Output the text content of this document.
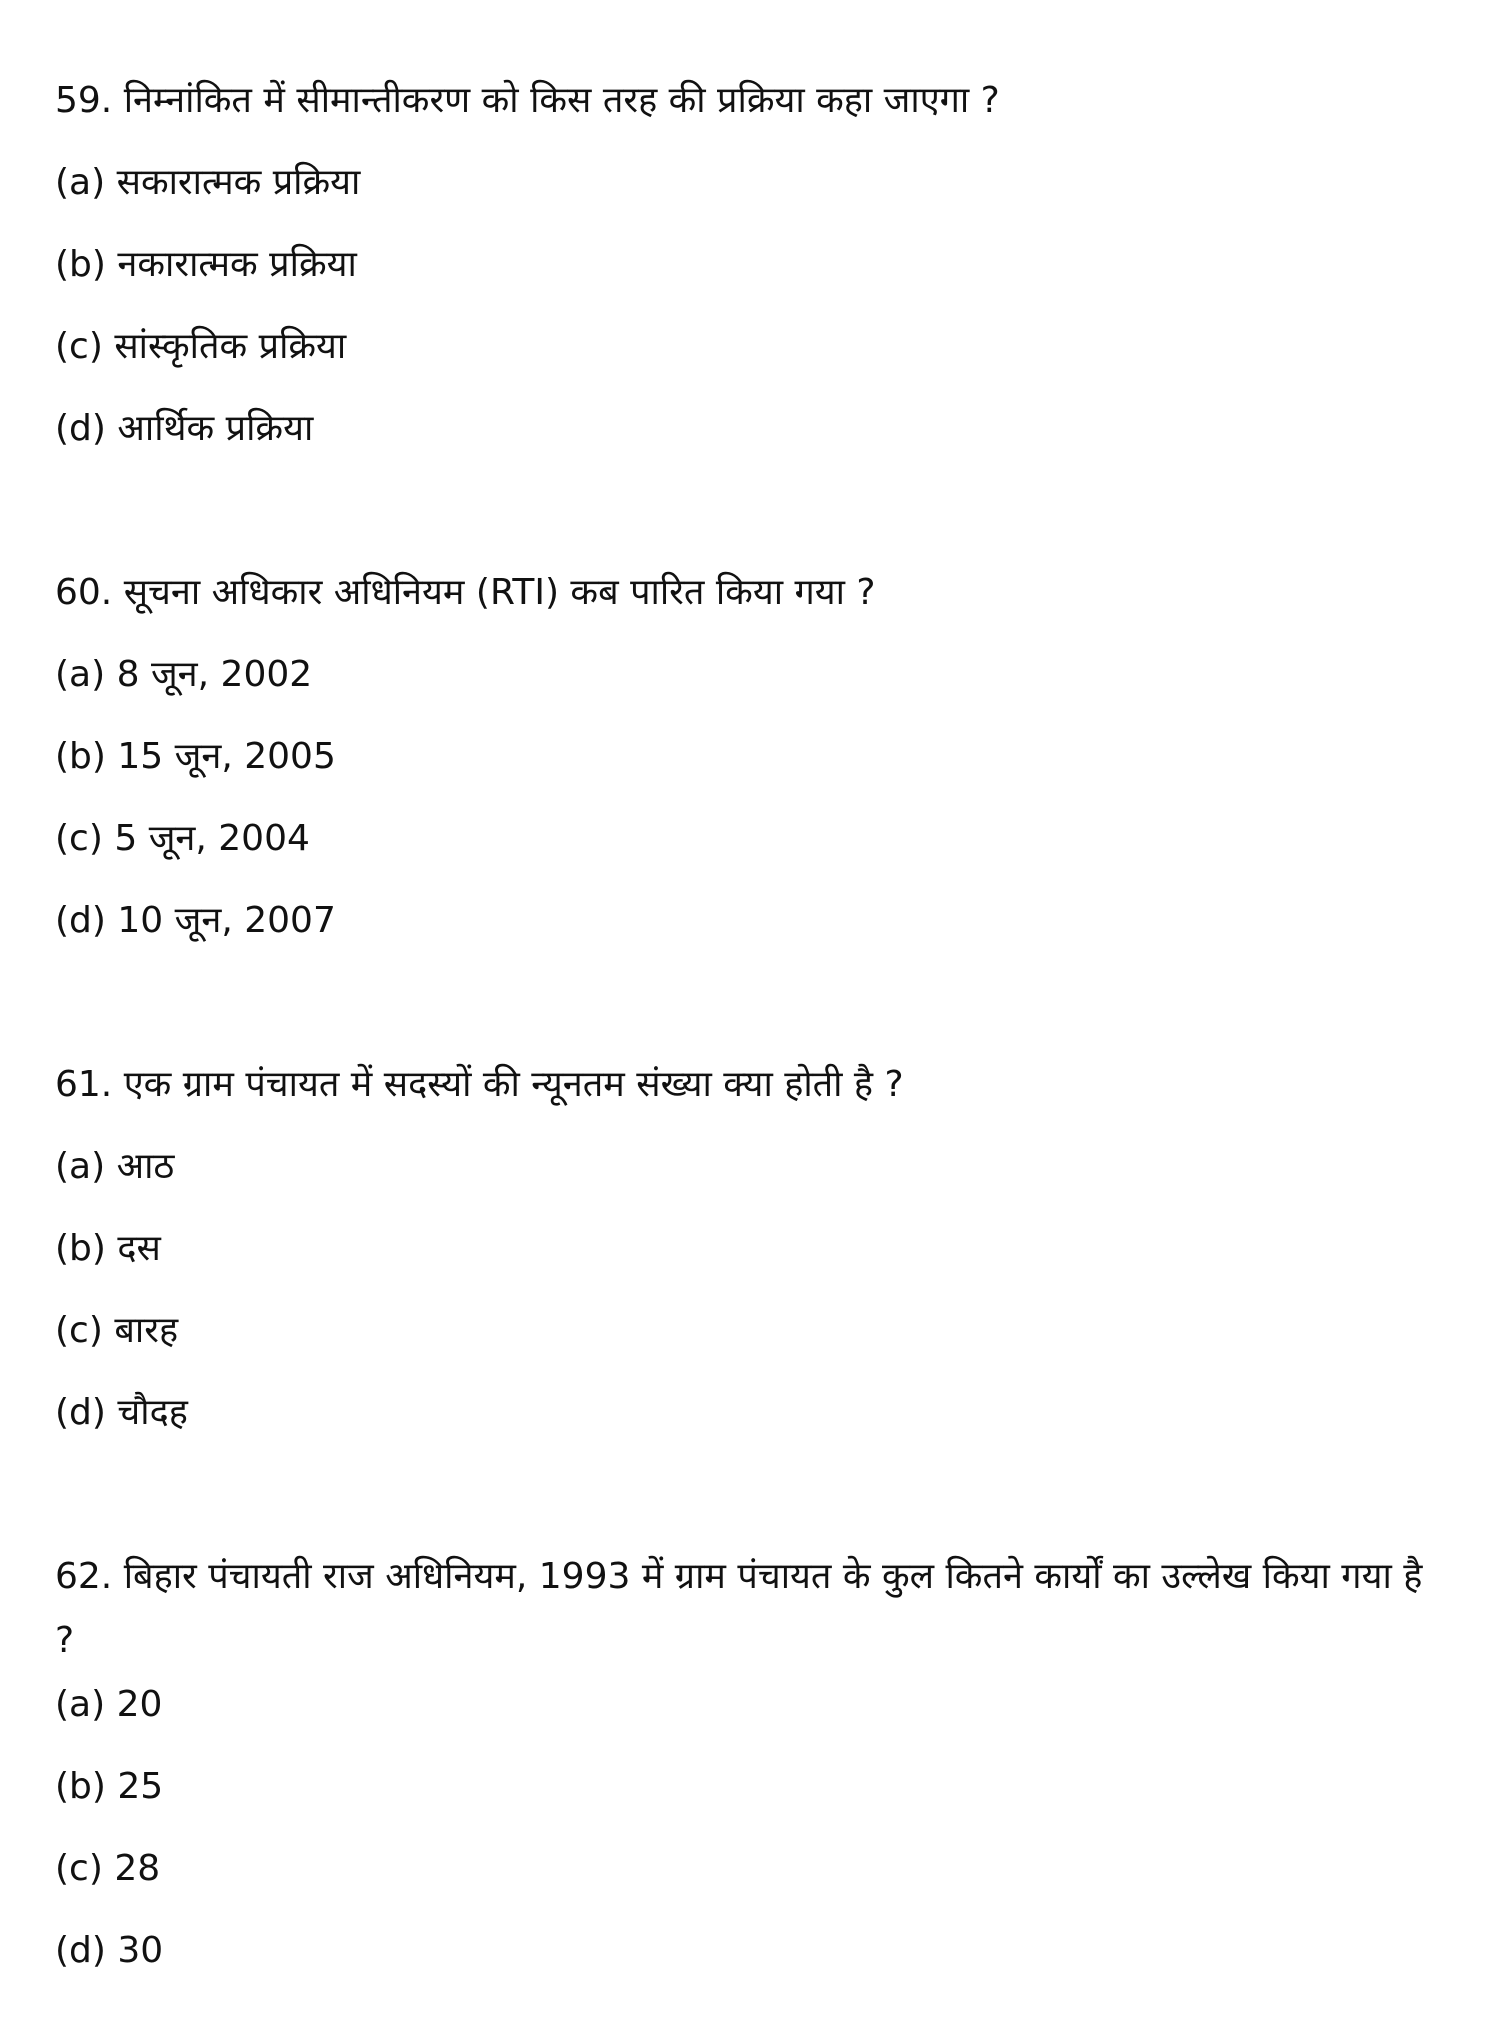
59. निम्नांकित में सीमान्तीकरण को किस तरह की प्रक्रिया कहा जाएगा ?
(a) सकारात्मक प्रक्रिया
(b) नकारात्मक प्रक्रिया
(c) सांस्कृतिक प्रक्रिया
(d) आर्थिक प्रक्रिया
60. सूचना अधिकार अधिनियम (RTI) कब पारित किया गया ?
(a) 8 जून, 2002
(b) 15 जून, 2005
(c) 5 जून, 2004
(d) 10 जून, 2007
61. एक ग्राम पंचायत में सदस्यों की न्यूनतम संख्या क्या होती है ?
(a) आठ
(b) दस
(c) बारह
(d) चौदह
62. बिहार पंचायती राज अधिनियम, 1993 में ग्राम पंचायत के कुल कितने कार्यों का उल्लेख किया गया है ?
(a) 20
(b) 25
(c) 28
(d) 30
